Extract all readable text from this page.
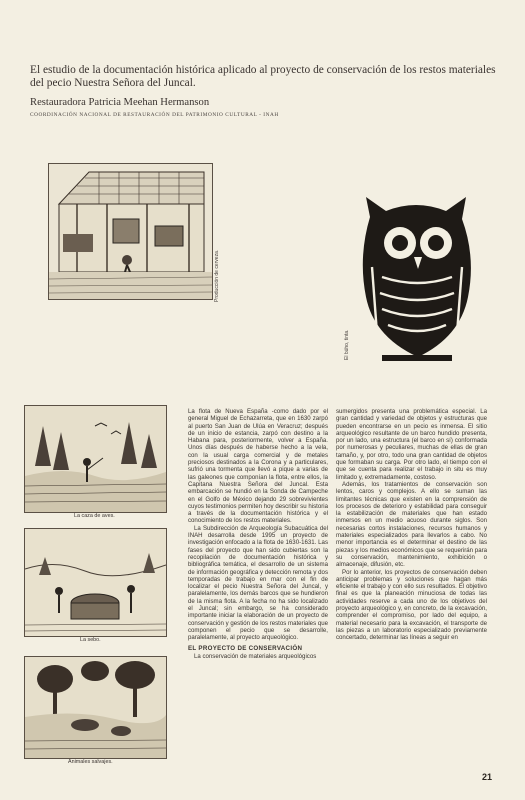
El estudio de la documentación histórica aplicado al proyecto de conservación de los restos materiales del pecio Nuestra Señora del Juncal.
Restauradora Patricia Meehan Hermanson
COORDINACIÓN NACIONAL DE RESTAURACIÓN DEL PATRIMONIO CULTURAL - INAH
Producción de cerveza.
El búho, tinta.
La caza de aves.
La sebo.
Animales salvajes.

La flota de Nueva España -como dado por el general Miguel de Echazarreta, que en 1630 zarpó al puerto San Juan de Ulúa en Veracruz; después de un inicio de estancia, zarpó con destino a la Habana para, posteriormente, volver a España. Unos días después de haberse hecho a la vela, con la usual carga comercial y de metales preciosos destinados a la Corona y a particulares, sufrió una tormenta que llevó a pique a varias de las galeones que componían la flota, entre ellos, la Capitana Nuestra Señora del Juncal. Esta embarcación se hundió en la Sonda de Campeche en el Golfo de México dejando 29 sobrevivientes cuyos testimonios permiten hoy describir su historia a través de la documentación histórica y el conocimiento de los restos materiales.

La Subdirección de Arqueología Subacuática del INAH desarrolla desde 1995 un proyecto de investigación enfocado a la flota de 1630-1631. Las fases del proyecto que han sido cubiertas son la recopilación de documentación histórica y bibliográfica temática, el desarrollo de un sistema de información geográfica y detección remota y dos temporadas de trabajo en mar con el fin de localizar el pecio Nuestra Señora del Juncal, y paralelamente, los demás barcos que se hundieron de la misma flota. A la fecha no ha sido localizado el Juncal; sin embargo, se ha considerado importante iniciar la elaboración de un proyecto de conservación y gestión de los restos materiales que componen el pecio que se desarrolle, paralelamente, al proyecto arqueológico.

EL PROYECTO DE CONSERVACIÓN

La conservación de materiales arqueológicos

sumergidos presenta una problemática especial. La gran cantidad y variedad de objetos y estructuras que pueden encontrarse en un pecio es inmensa. El sitio arqueológico resultante de un barco hundido presenta, por un lado, una estructura (el barco en sí) conformada por numerosas y peculiares, muchas de ellas de gran tamaño, y, por otro, todo una gran cantidad de objetos que formaban su carga. Por otro lado, el tiempo con el que se cuenta para realizar el trabajo in situ es muy limitado y, extremadamente, costoso.

Además, los tratamientos de conservación son lentos, caros y complejos. A ello se suman las limitantes técnicas que existen en la comprensión de los procesos de deterioro y estabilidad para conseguir la estabilización de materiales que han estado inmersos en un medio acuoso durante siglos. Son necesarias cortos instalaciones, recursos humanos y materiales especializados para llevarlos a cabo. No menor importancia es el determinar el destino de las piezas y los medios económicos que se requerirán para su conservación, mantenimiento, exhibición o almacenaje, difusión, etc.

Por lo anterior, los proyectos de conservación deben anticipar problemas y soluciones que hagan más eficiente el trabajo y con ello sus resultados. El objetivo final es que la planeación minuciosa de todas las actividades reserve a cada uno de los objetivos del proyecto arqueológico y, en concreto, de la excavación, comprender el compromiso, por lado del equipo, a material necesario para la excavación, el transporte de las piezas a un laboratorio especializado previamente concertado, determinar las líneas a seguir en

21
